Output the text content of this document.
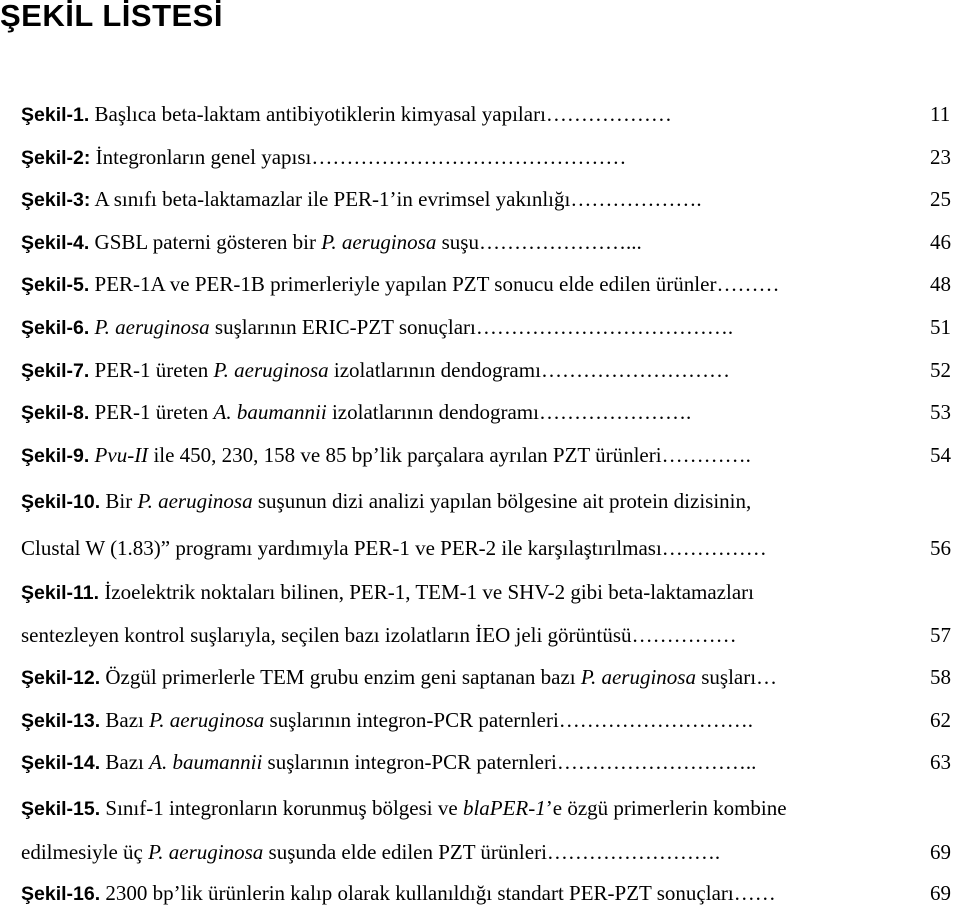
ŞEKİL LİSTESİ
Şekil-1. Başlıca beta-laktam antibiyotiklerin kimyasal yapıları………………	11
Şekil-2: İntegronların genel yapısı………………………………………	23
Şekil-3: A sınıfı beta-laktamazlar ile PER-1’in evrimsel yakınlığı……………….	25
Şekil-4. GSBL paterni gösteren bir P. aeruginosa suşu…………………...	46
Şekil-5. PER-1A ve PER-1B primerleriyle yapılan PZT sonucu elde edilen ürünler………	48
Şekil-6. P. aeruginosa suşlarının ERIC-PZT sonuçları……………………………….	51
Şekil-7. PER-1 üreten P. aeruginosa izolatlarının dendogramı………………………	52
Şekil-8. PER-1 üreten A. baumannii izolatlarının dendogramı………………….	53
Şekil-9. Pvu-II ile 450, 230, 158 ve 85 bp’lik parçalara ayrılan PZT ürünleri………….	54
Şekil-10. Bir P. aeruginosa suşunun dizi analizi yapılan bölgesine ait protein dizisinin,
Clustal W (1.83)” programı yardımıyla PER-1 ve PER-2 ile karşılaştırılması……………	56
Şekil-11. İzoelektrik noktaları bilinen, PER-1, TEM-1 ve SHV-2 gibi beta-laktamazları
sentezleyen kontrol suşlarıyla, seçilen bazı izolatların İEO jeli görüntüsü……………	57
Şekil-12. Özgül primerlerle TEM grubu enzim geni saptanan bazı P. aeruginosa suşları…	58
Şekil-13. Bazı P. aeruginosa suşlarının integron-PCR paternleri……………………….	62
Şekil-14. Bazı A. baumannii suşlarının integron-PCR paternleri………………………..	63
Şekil-15. Sınıf-1 integronların korunmuş bölgesi ve blaPER-1’e özgü primerlerin kombine
edilmesiyle üç P. aeruginosa suşunda elde edilen PZT ürünleri…………………….	69
Şekil-16. 2300 bp’lik ürünlerin kalıp olarak kullanıldığı standart PER-PZT sonuçları……	69
